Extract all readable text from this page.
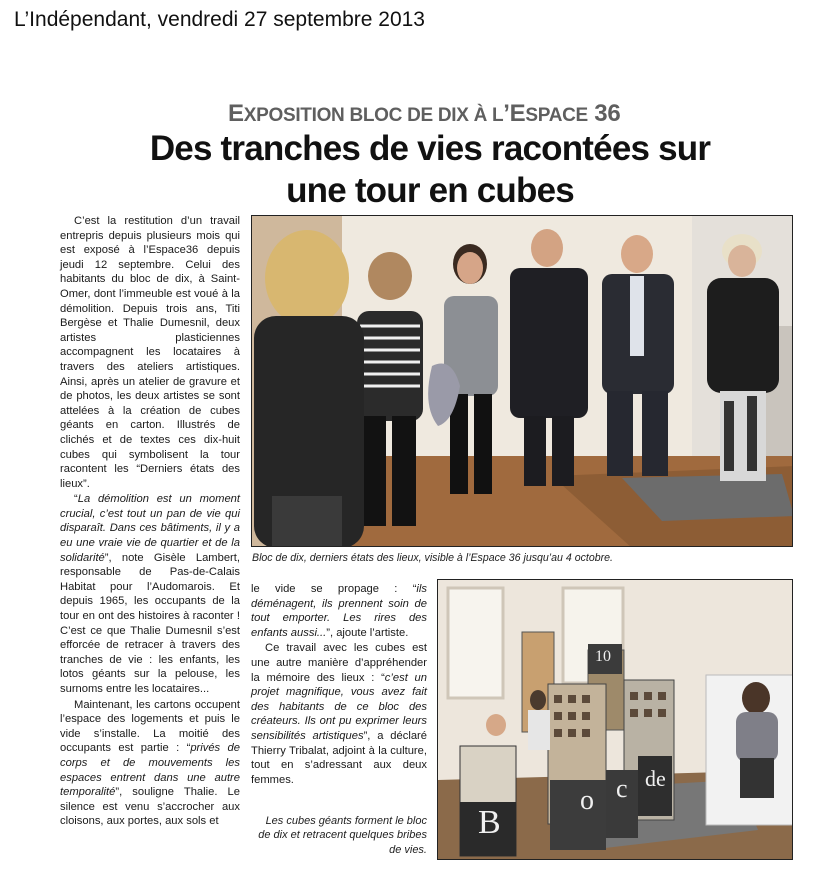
L’Indépendant, vendredi 27 septembre 2013
EXPOSITION BLOC DE DIX À L’ESPACE 36
Des tranches de vies racontées sur une tour en cubes
Bloc de dix, derniers états des lieux, visible à l’Espace 36 jusqu’au 4 octobre.

C’est la restitution d’un travail entrepris depuis plusieurs mois qui est exposé à l’Espace36 depuis jeudi 12 septembre. Celui des habitants du bloc de dix, à Saint-Omer, dont l’immeuble est voué à la démolition. Depuis trois ans, Titi Bergèse et Thalie Dumesnil, deux artistes plasticiennes accompagnent les locataires à travers des ateliers artistiques. Ainsi, après un atelier de gravure et de photos, les deux artistes se sont attelées à la création de cubes géants en carton. Illustrés de clichés et de textes ces dix-huit cubes qui symbolisent la tour racontent les “Derniers états des lieux”.

“La démolition est un moment crucial, c’est tout un pan de vie qui disparaît. Dans ces bâtiments, il y a eu une vraie vie de quartier et de la solidarité”, note Gisèle Lambert, responsable de Pas-de-Calais Habitat pour l’Audomarois. Et depuis 1965, les occupants de la tour en ont des histoires à raconter ! C’est ce que Thalie Dumesnil s’est efforcée de retracer à travers des tranches de vie : les enfants, les lotos géants sur la pelouse, les surnoms entre les locataires...

Maintenant, les cartons occupent l’espace des logements et puis le vide s’installe. La moitié des occupants est partie : “privés de corps et de mouvements les espaces entrent dans une autre temporalité”, souligne Thalie. Le silence est venu s’accrocher aux cloisons, aux portes, aux sols et

le vide se propage : “ils déménagent, ils prennent soin de tout emporter. Les rires des enfants aussi...”, ajoute l’artiste.

Ce travail avec les cubes est une autre manière d’appréhender la mémoire des lieux : “c’est un projet magnifique, vous avez fait des habitants de ce bloc des créateurs. Ils ont pu exprimer leurs sensibilités artistiques”, a déclaré Thierry Tribalat, adjoint à la culture, tout en s’adressant aux deux femmes.

B
o c de
10
Les cubes géants forment le bloc de dix et retracent quelques bribes de vies.
